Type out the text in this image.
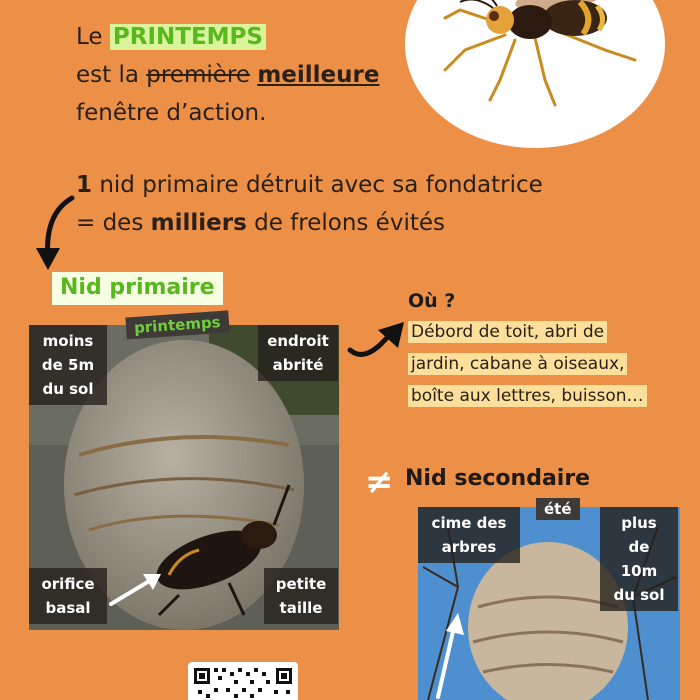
Le PRINTEMPS
est la première meilleure
fenêtre d’action.
1 nid primaire détruit avec sa fondatrice
= des milliers de frelons évités
Nid primaire
moins
de 5m
du sol
endroit
abrité
orifice
basal
petite
taille
printemps
Où ?
Débord de toit, abri de
jardin, cabane à oiseaux,
boîte aux lettres, buisson…
≠ Nid secondaire
cime des
arbres
plus
de 10m
du sol
été
